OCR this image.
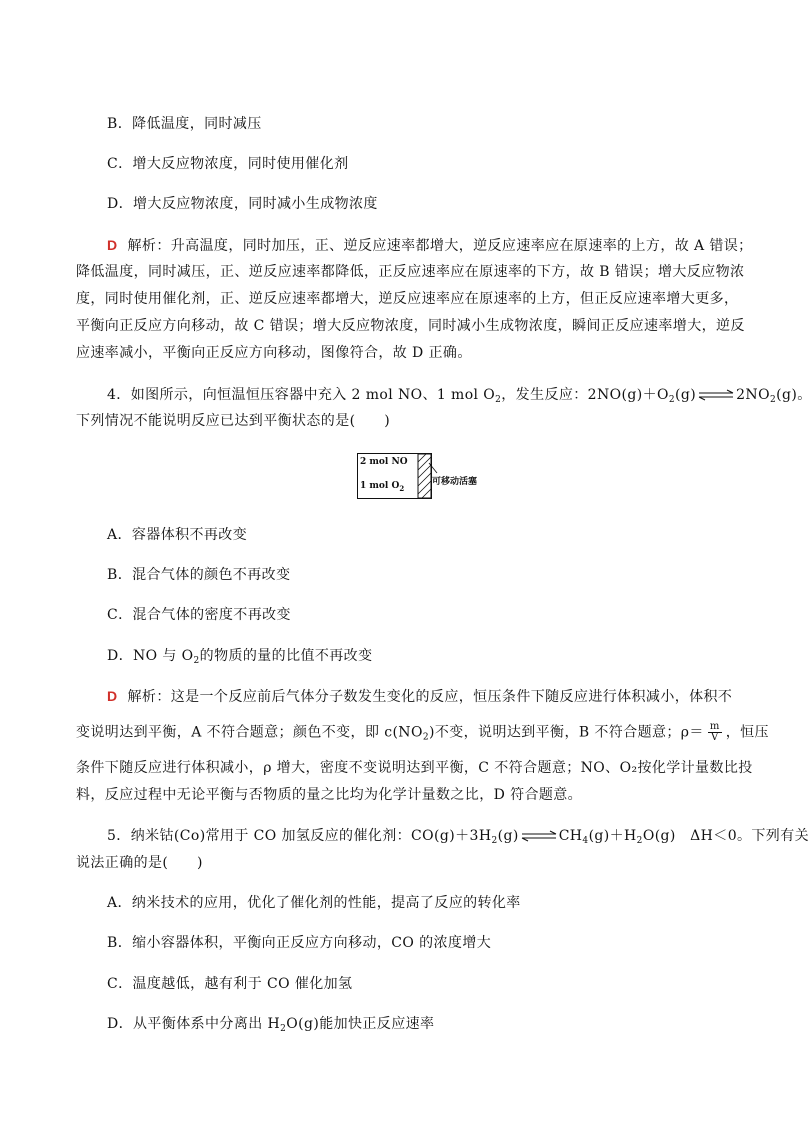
B．降低温度，同时减压
C．增大反应物浓度，同时使用催化剂
D．增大反应物浓度，同时减小生成物浓度
D 解析：升高温度，同时加压，正、逆反应速率都增大，逆反应速率应在原速率的上方，故 A 错误；
降低温度，同时减压，正、逆反应速率都降低，正反应速率应在原速率的下方，故 B 错误；增大反应物浓
度，同时使用催化剂，正、逆反应速率都增大，逆反应速率应在原速率的上方，但正反应速率增大更多，
平衡向正反应方向移动，故 C 错误；增大反应物浓度，同时减小生成物浓度，瞬间正反应速率增大，逆反
应速率减小，平衡向正反应方向移动，图像符合，故 D 正确。
4．如图所示，向恒温恒压容器中充入 2 mol NO、1 mol $O_2$，发生反应：$2NO(g)+O_2(g)$ ⇌ $2NO_2(g)$。
下列情况不能说明反应已达到平衡状态的是(　　)
2 mol NO
1 mol $O_2$
可移动活塞
A．容器体积不再改变
B．混合气体的颜色不再改变
C．混合气体的密度不再改变
D．NO 与 $O_2$的物质的量的比值不再改变
D 解析：这是一个反应前后气体分子数发生变化的反应，恒压条件下随反应进行体积减小，体积不
变说明达到平衡，A 不符合题意；颜色不变，即 $c(NO_2)$不变，说明达到平衡，B 不符合题意；$\rho= \frac{m}{V}$ ，恒压
条件下随反应进行体积减小，ρ 增大，密度不变说明达到平衡，C 不符合题意；NO、O₂按化学计量数比投
料，反应过程中无论平衡与否物质的量之比均为化学计量数之比，D 符合题意。
5．纳米钴(Co)常用于 CO 加氢反应的催化剂：$CO(g)+3H_2(g)$ ⇌ $CH_4(g)+H_2O(g)$　ΔH＜0。下列有关
说法正确的是(　　)
A．纳米技术的应用，优化了催化剂的性能，提高了反应的转化率
B．缩小容器体积，平衡向正反应方向移动，CO 的浓度增大
C．温度越低，越有利于 CO 催化加氢
D．从平衡体系中分离出 $H_2O(g)$能加快正反应速率
